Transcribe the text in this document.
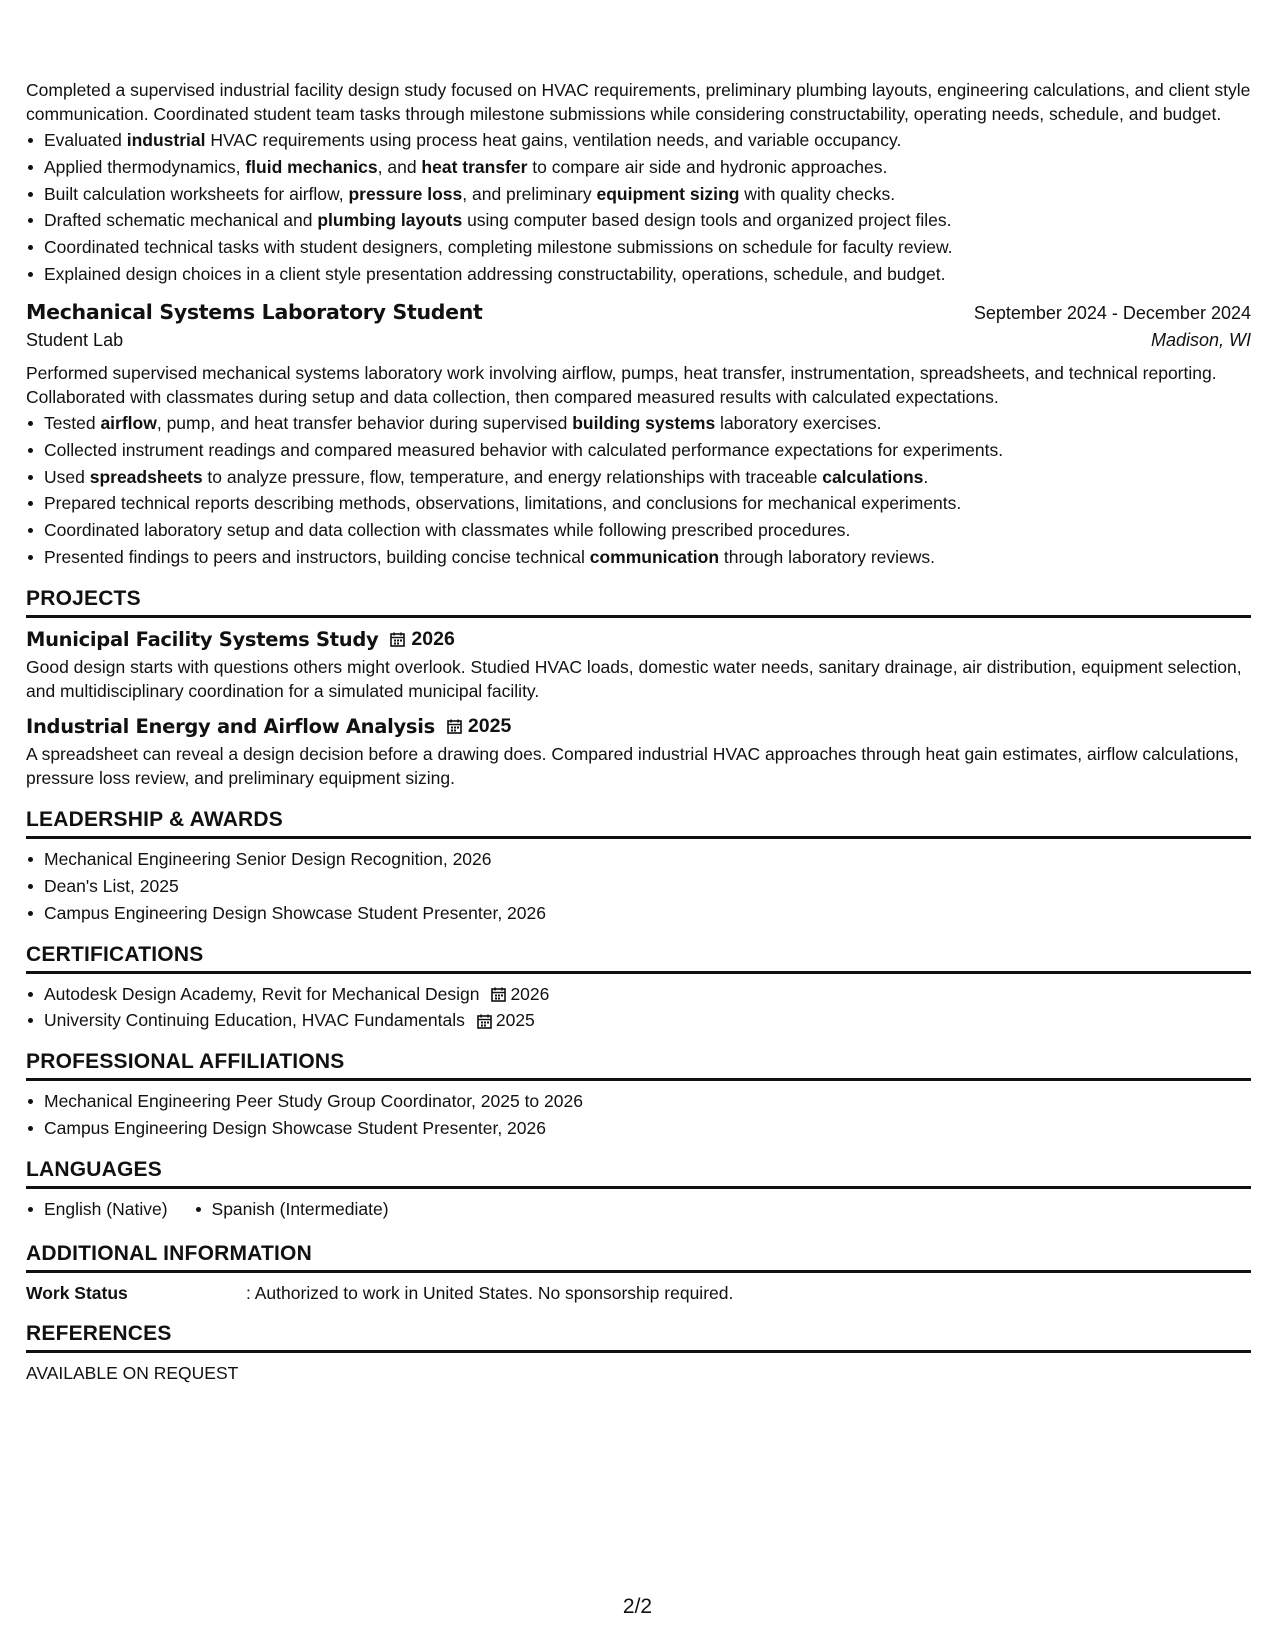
Completed a supervised industrial facility design study focused on HVAC requirements, preliminary plumbing layouts, engineering calculations, and client style communication. Coordinated student team tasks through milestone submissions while considering constructability, operating needs, schedule, and budget.

Evaluated industrial HVAC requirements using process heat gains, ventilation needs, and variable occupancy.
Applied thermodynamics, fluid mechanics, and heat transfer to compare air side and hydronic approaches.
Built calculation worksheets for airflow, pressure loss, and preliminary equipment sizing with quality checks.
Drafted schematic mechanical and plumbing layouts using computer based design tools and organized project files.
Coordinated technical tasks with student designers, completing milestone submissions on schedule for faculty review.
Explained design choices in a client style presentation addressing constructability, operations, schedule, and budget.
Mechanical Systems Laboratory Student	September 2024 - December 2024
Student Lab	Madison, WI

Performed supervised mechanical systems laboratory work involving airflow, pumps, heat transfer, instrumentation, spreadsheets, and technical reporting. Collaborated with classmates during setup and data collection, then compared measured results with calculated expectations.

Tested airflow, pump, and heat transfer behavior during supervised building systems laboratory exercises.
Collected instrument readings and compared measured behavior with calculated performance expectations for experiments.
Used spreadsheets to analyze pressure, flow, temperature, and energy relationships with traceable calculations.
Prepared technical reports describing methods, observations, limitations, and conclusions for mechanical experiments.
Coordinated laboratory setup and data collection with classmates while following prescribed procedures.
Presented findings to peers and instructors, building concise technical communication through laboratory reviews.
PROJECTS
Municipal Facility Systems Study 2026

Good design starts with questions others might overlook. Studied HVAC loads, domestic water needs, sanitary drainage, air distribution, equipment selection, and multidisciplinary coordination for a simulated municipal facility.

Industrial Energy and Airflow Analysis 2025

A spreadsheet can reveal a design decision before a drawing does. Compared industrial HVAC approaches through heat gain estimates, airflow calculations, pressure loss review, and preliminary equipment sizing.

LEADERSHIP & AWARDS
Mechanical Engineering Senior Design Recognition, 2026
Dean's List, 2025
Campus Engineering Design Showcase Student Presenter, 2026
CERTIFICATIONS
Autodesk Design Academy, Revit for Mechanical Design 2026
University Continuing Education, HVAC Fundamentals 2025
PROFESSIONAL AFFILIATIONS
Mechanical Engineering Peer Study Group Coordinator, 2025 to 2026
Campus Engineering Design Showcase Student Presenter, 2026
LANGUAGES
English (Native)	Spanish (Intermediate)
ADDITIONAL INFORMATION
Work Status	: Authorized to work in United States. No sponsorship required.
REFERENCES
AVAILABLE ON REQUEST
2/2
